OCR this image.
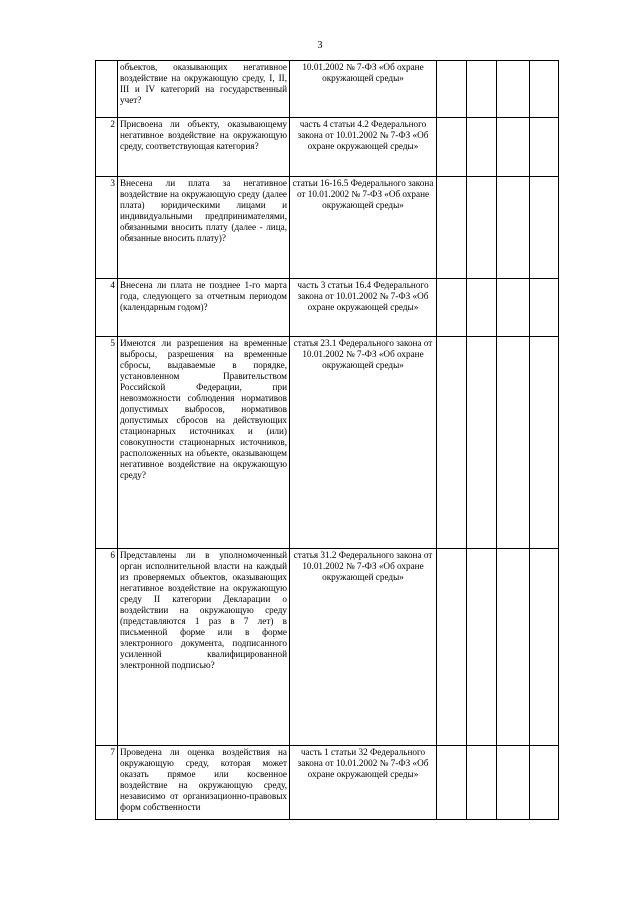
3
	объектов, оказывающих негативное воздействие на окружающую среду, I, II, III и IV категорий на государственный учет?	10.01.2002 № 7-ФЗ «Об охране окружающей среды»				
2	Присвоена ли объекту, оказывающему негативное воздействие на окружающую среду, соответствующая категория?	часть 4 статьи 4.2 Федерального закона от 10.01.2002 № 7-ФЗ «Об охране окружающей среды»				
3	Внесена ли плата за негативное воздействие на окружающую среду (далее плата) юридическими лицами и индивидуальными предпринимателями, обязанными вносить плату (далее - лица, обязанные вносить плату)?	статьи 16-16.5 Федерального закона от 10.01.2002 № 7-ФЗ «Об охране окружающей среды»				
4	Внесена ли плата не позднее 1-го марта года, следующего за отчетным периодом (календарным годом)?	часть 3 статьи 16.4 Федерального закона от 10.01.2002 № 7-ФЗ «Об охране окружающей среды»				
5	Имеются ли разрешения на временные выбросы, разрешения на временные сбросы, выдаваемые в порядке, установленном Правительством Российской Федерации, при невозможности соблюдения нормативов допустимых выбросов, нормативов допустимых сбросов на действующих стационарных источниках и (или) совокупности стационарных источников, расположенных на объекте, оказывающем негативное воздействие на окружающую среду?	статья 23.1 Федерального закона от 10.01.2002 № 7-ФЗ «Об охране окружающей среды»				
6	Представлены ли в уполномоченный орган исполнительной власти на каждый из проверяемых объектов, оказывающих негативное воздействие на окружающую среду II категории Декларации о воздействии на окружающую среду (представляются 1 раз в 7 лет) в письменной форме или в форме электронного документа, подписанного усиленной квалифицированной электронной подписью?	статья 31.2 Федерального закона от 10.01.2002 № 7-ФЗ «Об охране окружающей среды»				
7	Проведена ли оценка воздействия на окружающую среду, которая может оказать прямое или косвенное воздействие на окружающую среду, независимо от организационно-правовых форм собственности	часть 1 статьи 32 Федерального закона от 10.01.2002 № 7-ФЗ «Об охране окружающей среды»				
